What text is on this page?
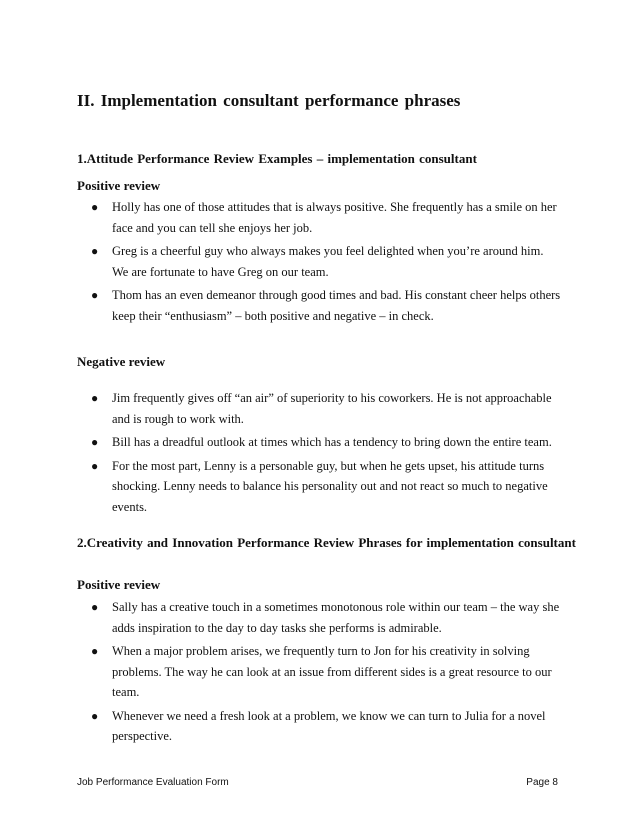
II. Implementation consultant performance phrases
1.Attitude Performance Review Examples – implementation consultant
Positive review
● Holly has one of those attitudes that is always positive. She frequently has a smile on her face and you can tell she enjoys her job.
● Greg is a cheerful guy who always makes you feel delighted when you’re around him. We are fortunate to have Greg on our team.
● Thom has an even demeanor through good times and bad. His constant cheer helps others keep their “enthusiasm” – both positive and negative – in check.
Negative review
● Jim frequently gives off “an air” of superiority to his coworkers. He is not approachable and is rough to work with.
● Bill has a dreadful outlook at times which has a tendency to bring down the entire team.
● For the most part, Lenny is a personable guy, but when he gets upset, his attitude turns shocking. Lenny needs to balance his personality out and not react so much to negative events.
2.Creativity and Innovation Performance Review Phrases for implementation consultant
Positive review
● Sally has a creative touch in a sometimes monotonous role within our team – the way she adds inspiration to the day to day tasks she performs is admirable.
● When a major problem arises, we frequently turn to Jon for his creativity in solving problems. The way he can look at an issue from different sides is a great resource to our team.
● Whenever we need a fresh look at a problem, we know we can turn to Julia for a novel perspective.
Job Performance Evaluation Form	Page 8
